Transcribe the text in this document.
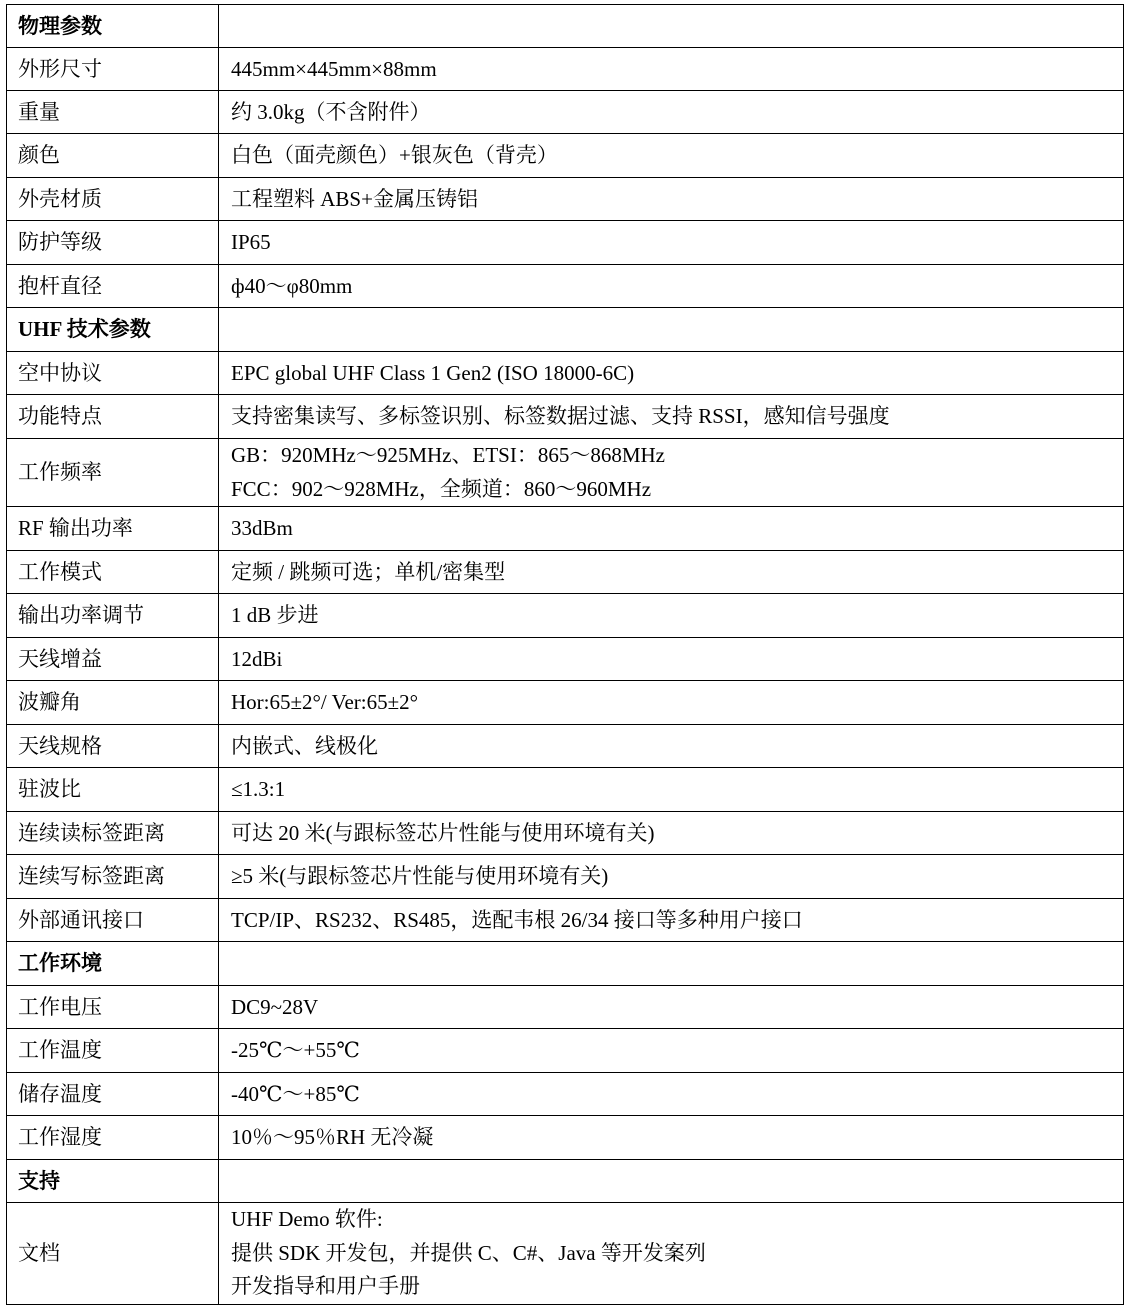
物理参数	
外形尺寸	445mm×445mm×88mm

重量	约 3.0kg（不含附件）

颜色	白色（面壳颜色）+银灰色（背壳）

外壳材质	工程塑料 ABS+金属压铸铝

防护等级	IP65

抱杆直径	ф40～φ80mm

UHF 技术参数	
空中协议	EPC global UHF Class 1 Gen2 (ISO 18000-6C)

功能特点	支持密集读写、多标签识别、标签数据过滤、支持 RSSI，感知信号强度

工作频率	GB：920MHz～925MHz、ETSI：865～868MHz
FCC：902～928MHz，全频道：860～960MHz

RF 输出功率	33dBm

工作模式	定频 / 跳频可选；单机/密集型

输出功率调节	1 dB 步进

天线增益	12dBi

波瓣角	Hor:65±2°/ Ver:65±2°

天线规格	内嵌式、线极化

驻波比	≤1.3:1

连续读标签距离	可达 20 米(与跟标签芯片性能与使用环境有关)

连续写标签距离	≥5 米(与跟标签芯片性能与使用环境有关)

外部通讯接口	TCP/IP、RS232、RS485，选配韦根 26/34 接口等多种用户接口

工作环境	
工作电压	DC9~28V

工作温度	-25℃～+55℃

储存温度	-40℃～+85℃

工作湿度	10％～95％RH 无冷凝

支持	
文档	UHF Demo 软件:
提供 SDK 开发包，并提供 C、C#、Java 等开发案列
开发指导和用户手册
